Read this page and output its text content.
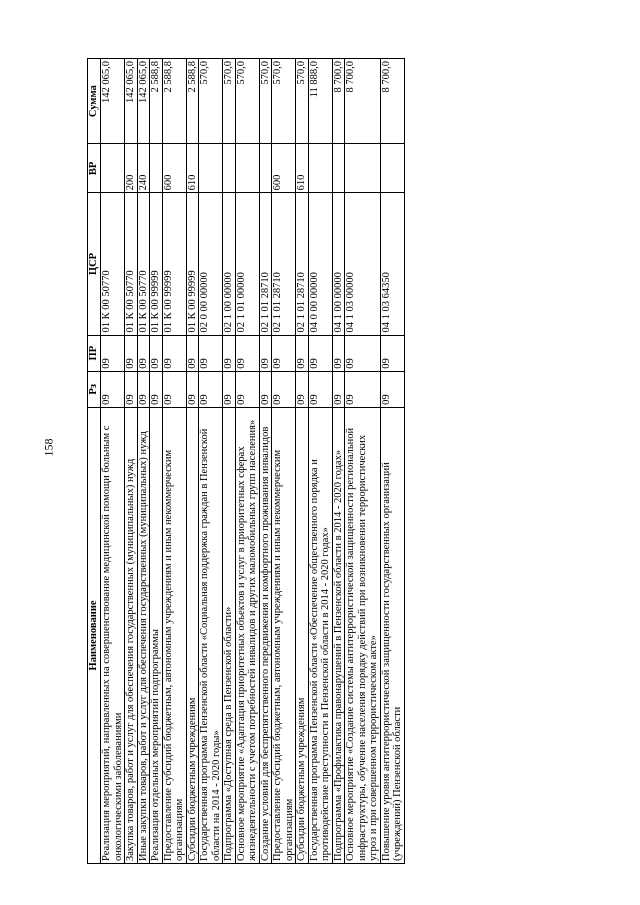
158
Наименование	Рз	ПР	ЦСР	ВР	Сумма
Реализация мероприятий, направленных на совершенствование медицинской помощи больным с онкологическими заболеваниями	09	09	01 К 00 50770		142 065,0
Закупка товаров, работ и услуг для обеспечения государственных (муниципальных) нужд	09	09	01 К 00 50770	200	142 065,0
Иные закупки товаров, работ и услуг для обеспечения государственных (муниципальных) нужд	09	09	01 К 00 50770	240	142 065,0
Реализация отдельных мероприятий подпрограммы	09	09	01 К 00 99999		2 588,8
Предоставление субсидий бюджетным, автономным учреждениям и иным некоммерческим организациям	09	09	01 К 00 99999	600	2 588,8
Субсидии бюджетным учреждениям	09	09	01 К 00 99999	610	2 588,8
Государственная программа Пензенской области «Социальная поддержка граждан в Пензенской области на 2014 - 2020 годы»	09	09	02 0 00 00000		570,0
Подпрограмма «Доступная среда в Пензенской области»	09	09	02 1 00 00000		570,0
Основное мероприятие «Адаптация приоритетных объектов и услуг в приоритетных сферах жизнедеятельности с учетом потребностей инвалидов и других маломобильных групп населения»	09	09	02 1 01 00000		570,0
Создание условий для беспрепятственного передвижения и комфортного проживания инвалидов	09	09	02 1 01 28710		570,0
Предоставление субсидий бюджетным, автономным учреждениям и иным некоммерческим организациям	09	09	02 1 01 28710	600	570,0
Субсидии бюджетным учреждениям	09	09	02 1 01 28710	610	570,0
Государственная программа Пензенской области «Обеспечение общественного порядка и противодействие преступности в Пензенской области в 2014 - 2020 годах»	09	09	04 0 00 00000		11 888,0
Подпрограмма «Профилактика правонарушений в Пензенской области в 2014 - 2020 годах»	09	09	04 1 00 00000		8 700,0
Основное мероприятие «Создание системы антитеррористической защищенности региональной инфраструктуры, обучение населения порядку действий при возникновении террористических угроз и при совершенном террористическом акте»	09	09	04 1 03 00000		8 700,0
Повышение уровня антитеррористической защищенности государственных организаций (учреждений) Пензенской области	09	09	04 1 03 64350		8 700,0
